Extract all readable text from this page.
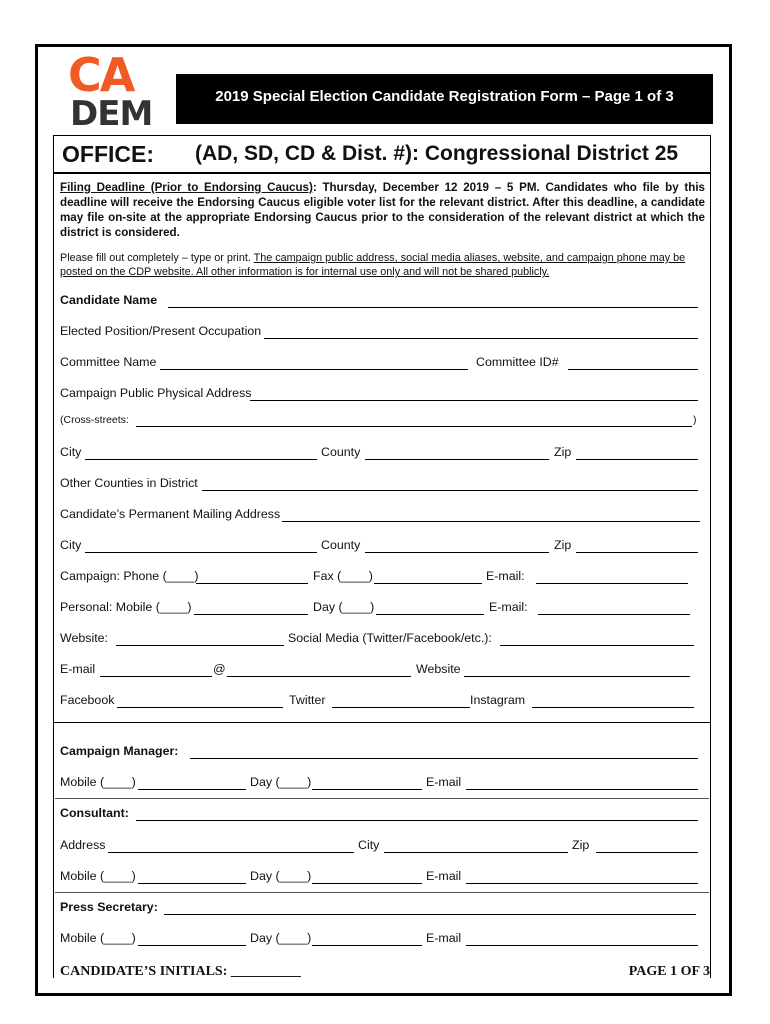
CA
DEM	2019 Special Election Candidate Registration Form – Page 1 of 3
OFFICE: (AD, SD, CD & Dist. #): Congressional District 25
Filing Deadline (Prior to Endorsing Caucus): Thursday, December 12 2019 – 5 PM. Candidates who file by this deadline will receive the Endorsing Caucus eligible voter list for the relevant district. After this deadline, a candidate may file on-site at the appropriate Endorsing Caucus prior to the consideration of the relevant district at which the district is considered.
Please fill out completely – type or print. The campaign public address, social media aliases, website, and campaign phone may be posted on the CDP website. All other information is for internal use only and will not be shared publicly.
Candidate Name
Elected Position/Present Occupation
Committee Name	Committee ID#
Campaign Public Physical Address
(Cross-streets:	)
City	County	Zip
Other Counties in District
Candidate’s Permanent Mailing Address
City	County	Zip
Campaign: Phone (____)	Fax (____)	E-mail:
Personal: Mobile (____)	Day (____)	E-mail:
Website:	Social Media (Twitter/Facebook/etc.):
E-mail	@	Website
Facebook	Twitter	Instagram
Campaign Manager:
Mobile (____)	Day (____)	E-mail
Consultant:
Address	City	Zip
Mobile (____)	Day (____)	E-mail
Press Secretary:
Mobile (____)	Day (____)	E-mail
CANDIDATE’S INITIALS: __________	PAGE 1 OF 3
